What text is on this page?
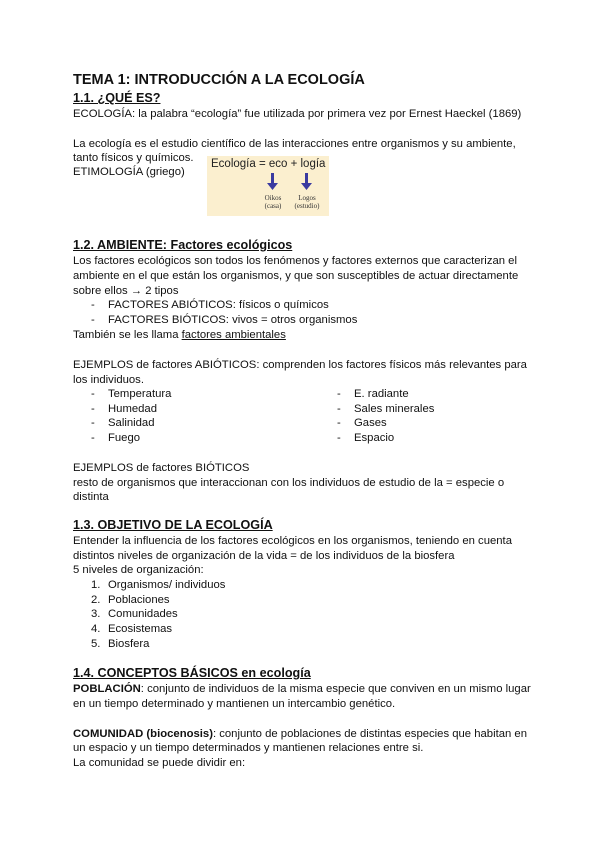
TEMA 1: INTRODUCCIÓN A LA ECOLOGÍA
1.1. ¿QUÉ ES?
ECOLOGÍA: la palabra “ecología” fue utilizada por primera vez por Ernest Haeckel (1869)
La ecología es el estudio científico de las interacciones entre organismos y su ambiente,
tanto físicos y químicos.
ETIMOLOGÍA (griego)
Ecología = eco + logía
Oikos
(casa)
Logos
(estudio)
1.2. AMBIENTE: Factores ecológicos
Los factores ecológicos son todos los fenómenos y factores externos que caracterizan el
ambiente en el que están los organismos, y que son susceptibles de actuar directamente
sobre ellos → 2 tipos
- FACTORES ABIÓTICOS: físicos o químicos
- FACTORES BIÓTICOS: vivos = otros organismos
También se les llama factores ambientales
EJEMPLOS de factores ABIÓTICOS: comprenden los factores físicos más relevantes para
los individuos.
- Temperatura
- Humedad
- Salinidad
- Fuego
- E. radiante
- Sales minerales
- Gases
- Espacio
EJEMPLOS de factores BIÓTICOS
resto de organismos que interaccionan con los individuos de estudio de la = especie o
distinta
1.3. OBJETIVO DE LA ECOLOGÍA
Entender la influencia de los factores ecológicos en los organismos, teniendo en cuenta
distintos niveles de organización de la vida = de los individuos de la biosfera
5 niveles de organización:
1. Organismos/ individuos
2. Poblaciones
3. Comunidades
4. Ecosistemas
5. Biosfera
1.4. CONCEPTOS BÁSICOS en ecología
POBLACIÓN: conjunto de individuos de la misma especie que conviven en un mismo lugar
en un tiempo determinado y mantienen un intercambio genético.
COMUNIDAD (biocenosis): conjunto de poblaciones de distintas especies que habitan en
un espacio y un tiempo determinados y mantienen relaciones entre si.
La comunidad se puede dividir en:
